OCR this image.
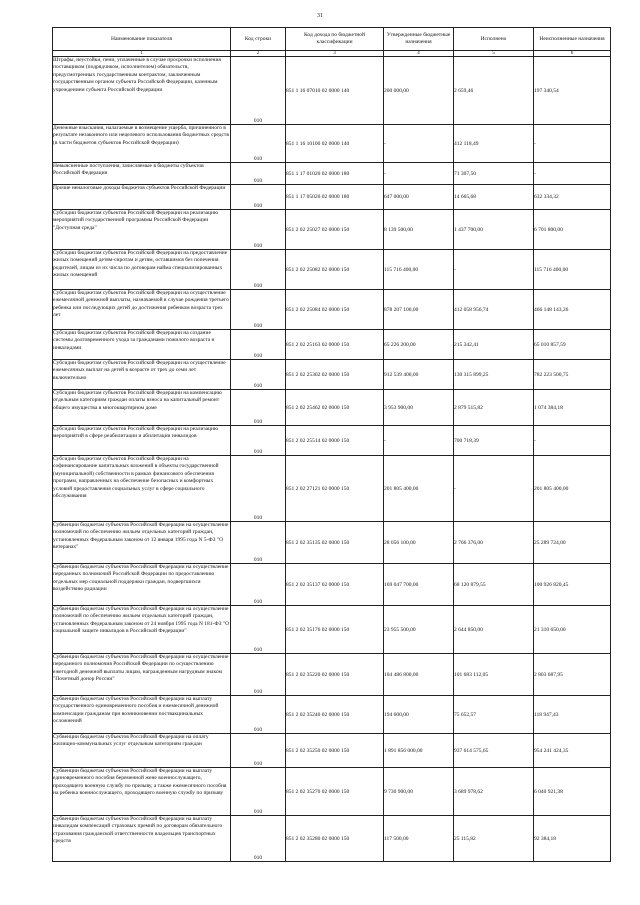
31
Наименование показателя	Код строки	Код дохода по бюджетной классификации	Утвержденные бюджетные назначения	Исполнено	Неисполненные назначения
1	2	3	4	5	6
Штрафы, неустойки, пени, уплаченные в случае просрочки исполнения поставщиком (подрядчиком, исполнителем) обязательств, предусмотренных государственным контрактом, заключенным государственным органом субъекта Российской Федерации, казенным учреждением субъекта Российской Федерации	010	851 1 16 07010 02 0000 140	200 000,00	2 659,46	197 340,54
Денежные взыскания, налагаемые в возмещение ущерба, причиненного в результате незаконного или нецелевого использования бюджетных средств (в части бюджетов субъектов Российской Федерации)	010	851 1 16 10100 02 0000 140	-	412 118,49	-
Невыясненные поступления, зачисляемые в бюджеты субъектов Российской Федерации	010	851 1 17 01020 02 0000 180	-	71 307,50	-
Прочие неналоговые доходы бюджетов субъектов Российской Федерации	010	851 1 17 05020 02 0000 180	647 000,00	14 665,68	632 334,32
Субсидии бюджетам субъектов Российской Федерации на реализацию мероприятий государственной программы Российской Федерации "Доступная среда"	010	851 2 02 25027 02 0000 150	8 139 500,00	1 437 700,00	6 701 800,00
Субсидии бюджетам субъектов Российской Федерации на предоставление жилых помещений детям-сиротам и детям, оставшимся без попечения родителей, лицам из их числа по договорам найма специализированных жилых помещений	010	851 2 02 25082 02 0000 150	115 716 400,00	-	115 716 400,00
Субсидии бюджетам субъектов Российской Федерации на осуществление ежемесячной денежной выплаты, назначаемой в случае рождения третьего ребенка или последующих детей до достижения ребенком возраста трех лет	010	851 2 02 25084 02 0000 150	878 207 100,00	412 058 956,74	466 148 143,26
Субсидии бюджетам субъектов Российской Федерации на создание системы долговременного ухода за гражданами пожилого возраста и инвалидами	010	851 2 02 25163 02 0000 150	65 226 200,00	215 342,41	65 010 857,59
Субсидии бюджетам субъектов Российской Федерации на осуществление ежемесячных выплат на детей в возрасте от трех до семи лет включительно	010	851 2 02 25302 02 0000 150	912 539 400,00	130 315 899,25	782 223 500,75
Субсидии бюджетам субъектов Российской Федерации на компенсацию отдельным категориям граждан оплаты взноса на капитальный ремонт общего имущества в многоквартирном доме	010	851 2 02 25462 02 0000 150	3 953 900,00	2 879 515,82	1 074 384,18
Субсидии бюджетам субъектов Российской Федерации на реализацию мероприятий в сфере реабилитации и абилитации инвалидов	010	851 2 02 25514 02 0000 150	-	700 718,39	-
Субсидии бюджетам субъектов Российской Федерации на софинансирование капитальных вложений в объекты государственной (муниципальной) собственности в рамках финансового обеспечения программ, направленных на обеспечение безопасных и комфортных условий предоставления социальных услуг в сфере социального обслуживания	010	851 2 02 27121 02 0000 150	201 805 400,00	-	201 805 400,00
Субвенции бюджетам субъектов Российской Федерации на осуществление полномочий по обеспечению жильем отдельных категорий граждан, установленных Федеральным законом от 12 января 1995 года N 5-ФЗ "О ветеранах"	010	851 2 02 35135 02 0000 150	28 056 100,00	2 766 376,00	25 289 724,00
Субвенции бюджетам субъектов Российской Федерации на осуществление переданных полномочий Российской Федерации по предоставлению отдельных мер социальной поддержки граждан, подвергшихся воздействию радиации	010	851 2 02 35137 02 0000 150	169 047 700,00	68 120 879,55	100 926 820,45
Субвенции бюджетам субъектов Российской Федерации на осуществление полномочий по обеспечению жильем отдельных категорий граждан, установленных Федеральным законом от 24 ноября 1995 года N 181-ФЗ "О социальной защите инвалидов в Российской Федерации"	010	851 2 02 35176 02 0000 150	23 955 500,00	2 644 850,00	21 310 650,00
Субвенции бюджетам субъектов Российской Федерации на осуществление переданного полномочия Российской Федерации по осуществлению ежегодной денежной выплаты лицам, награжденным нагрудным знаком "Почетный донор России"	010	851 2 02 35220 02 0000 150	104 486 800,00	101 683 112,05	2 803 687,95
Субвенции бюджетам субъектов Российской Федерации на выплату государственного единовременного пособия и ежемесячной денежной компенсации гражданам при возникновении поствакцинальных осложнений	010	851 2 02 35240 02 0000 150	194 600,00	75 652,57	118 947,43
Субвенции бюджетам субъектов Российской Федерации на оплату жилищно-коммунальных услуг отдельным категориям граждан	010	851 2 02 35250 02 0000 150	1 891 856 000,00	937 614 575,65	954 241 424,35
Субвенции бюджетам субъектов Российской Федерации на выплату единовременного пособия беременной жене военнослужащего, проходящего военную службу по призыву, а также ежемесячного пособия на ребенка военнослужащего, проходящего военную службу по призыву	010	851 2 02 35270 02 0000 150	9 730 900,00	3 689 978,62	6 040 921,38
Субвенции бюджетам субъектов Российской Федерации на выплату инвалидам компенсаций страховых премий по договорам обязательного страхования гражданской ответственности владельцев транспортных средств	010	851 2 02 35280 02 0000 150	117 500,00	25 115,82	92 384,18
